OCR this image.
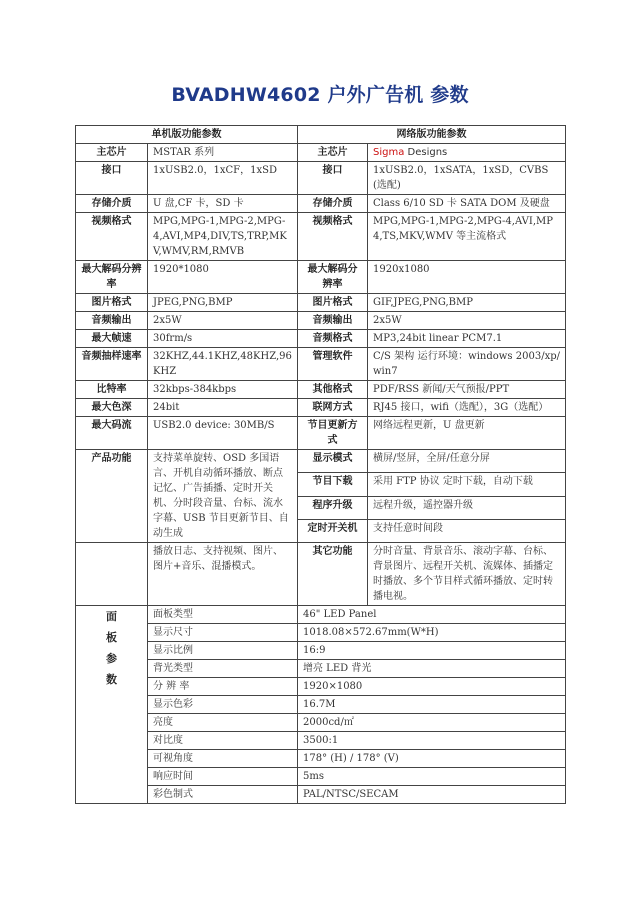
BVADHW4602 户外广告机 参数
单机版功能参数		网络版功能参数	
主芯片	MSTAR 系列	主芯片	Sigma Designs
接口	1xUSB2.0，1xCF，1xSD	接口	1xUSB2.0，1xSATA，1xSD，CVBS(选配)
存储介质	U 盘,CF 卡，SD 卡	存储介质	Class 6/10 SD 卡 SATA DOM 及硬盘
视频格式	MPG,MPG-1,MPG-2,MPG-4,AVI,MP4,DIV,TS,TRP,MKV,WMV,RM,RMVB	视频格式	MPG,MPG-1,MPG-2,MPG-4,AVI,MP4,TS,MKV,WMV 等主流格式
最大解码分辨率	1920*1080	最大解码分辨率	1920x1080
图片格式	JPEG,PNG,BMP	图片格式	GIF,JPEG,PNG,BMP
音频输出	2x5W	音频输出	2x5W
最大帧速	30frm/s	音频格式	MP3,24bit linear PCM7.1
音频抽样速率	32KHZ,44.1KHZ,48KHZ,96KHZ	管理软件	C/S 架构 运行环境：windows 2003/xp/win7
比特率	32kbps-384kbps	其他格式	PDF/RSS 新闻/天气预报/PPT
最大色深	24bit	联网方式	RJ45 接口，wifi（选配），3G（选配）
最大码流	USB2.0 device: 30MB/S	节目更新方式	网络远程更新，U 盘更新
产品功能	支持菜单旋转、OSD 多国语言、开机自动循环播放、断点记忆、广告插播、定时开关机、分时段音量、台标、流水字幕、USB 节目更新节目、自动生成	显示模式	横屏/竖屏，全屏/任意分屏
		节目下载	采用 FTP 协议 定时下载，自动下载
		程序升级	远程升级，遥控器升级
		定时开关机	支持任意时间段
	播放日志、支持视频、图片、图片+音乐、混播模式。	其它功能	分时音量、背景音乐、滚动字幕、台标、背景图片、远程开关机、流媒体、插播定时播放、多个节目样式循环播放、定时转播电视。

面
板
参
数	面板类型	46" LED Panel	
	显示尺寸	1018.08×572.67mm(W*H)	
	显示比例	16:9	
	背光类型	增亮 LED 背光	
	分 辨 率	1920×1080	
	显示色彩	16.7M	
	亮度	2000cd/㎡	
	对比度	3500:1	
	可视角度	178° (H) / 178° (V)	
	响应时间	5ms	
	彩色制式	PAL/NTSC/SECAM	
